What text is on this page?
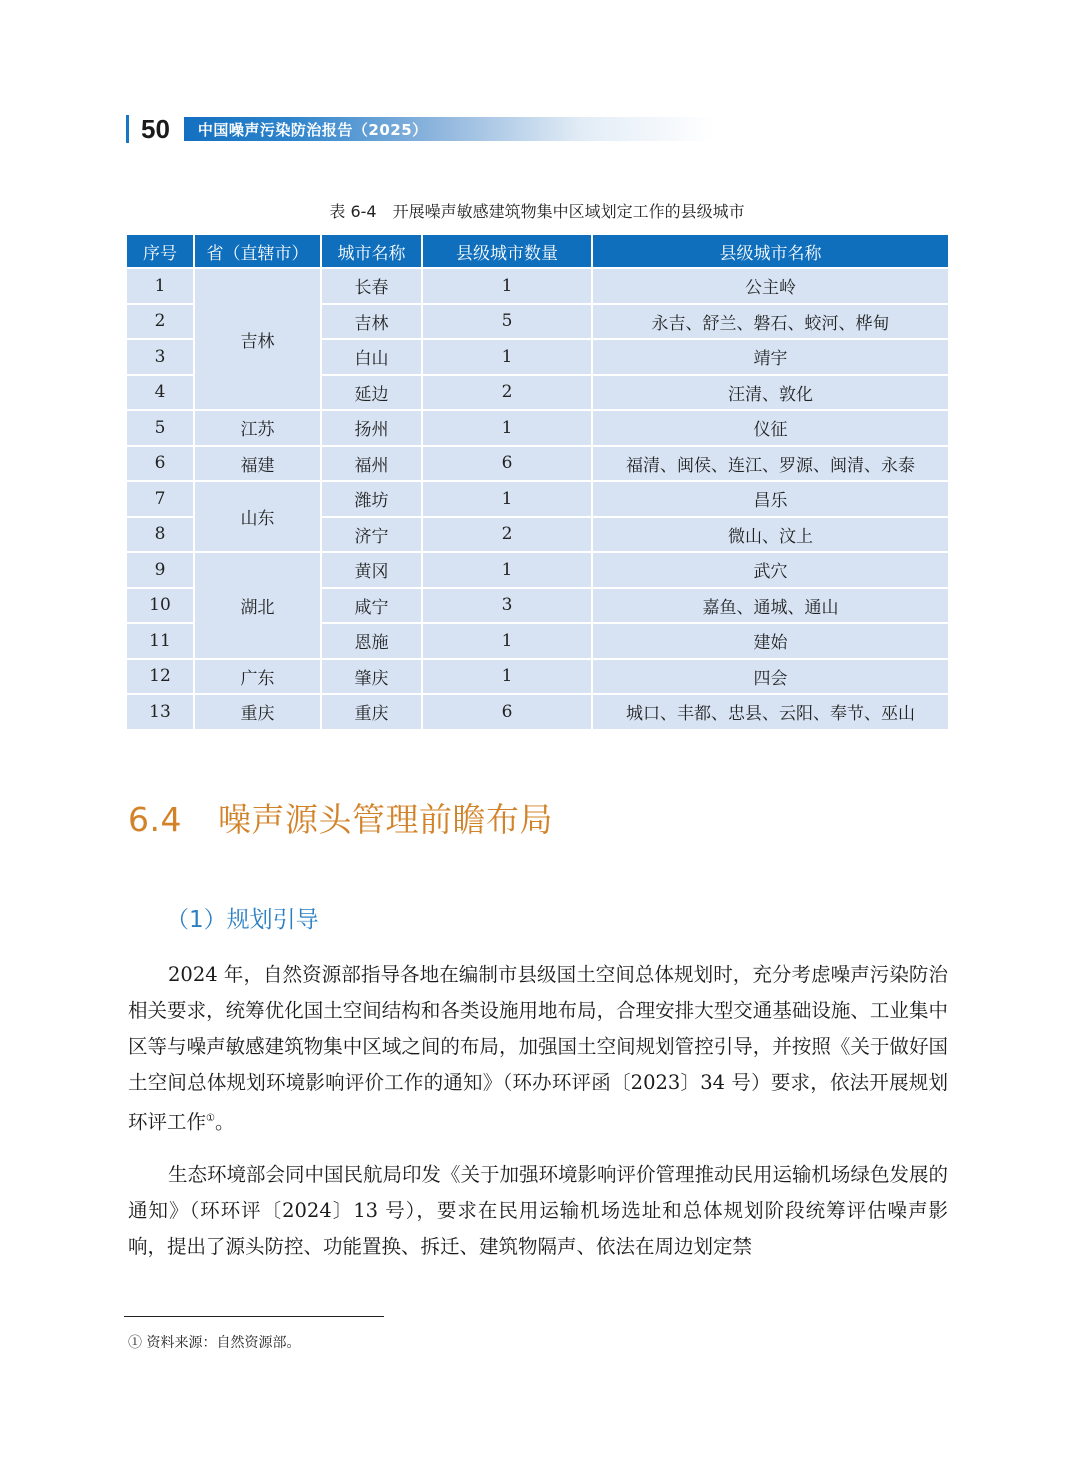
50 中国噪声污染防治报告（2025）
表 6-4　开展噪声敏感建筑物集中区域划定工作的县级城市
序号	省（直辖市）	城市名称	县级城市数量	县级城市名称
1	吉林	长春	1	公主岭
2		吉林	5	永吉、舒兰、磐石、蛟河、桦甸
3		白山	1	靖宇
4		延边	2	汪清、敦化
5	江苏	扬州	1	仪征
6	福建	福州	6	福清、闽侯、连江、罗源、闽清、永泰
7	山东	潍坊	1	昌乐
8		济宁	2	微山、汶上
9	湖北	黄冈	1	武穴
10		咸宁	3	嘉鱼、通城、通山
11		恩施	1	建始
12	广东	肇庆	1	四会
13	重庆	重庆	6	城口、丰都、忠县、云阳、奉节、巫山
6.4 噪声源头管理前瞻布局
（1）规划引导

2024 年，自然资源部指导各地在编制市县级国土空间总体规划时，充分考虑噪声污染防治相关要求，统筹优化国土空间结构和各类设施用地布局，合理安排大型交通基础设施、工业集中区等与噪声敏感建筑物集中区域之间的布局，加强国土空间规划管控引导，并按照《关于做好国土空间总体规划环境影响评价工作的通知》（环办环评函〔2023〕34 号）要求，依法开展规划环评工作①。

生态环境部会同中国民航局印发《关于加强环境影响评价管理推动民用运输机场绿色发展的通知》（环环评〔2024〕13 号），要求在民用运输机场选址和总体规划阶段统筹评估噪声影响，提出了源头防控、功能置换、拆迁、建筑物隔声、依法在周边划定禁

① 资料来源：自然资源部。
